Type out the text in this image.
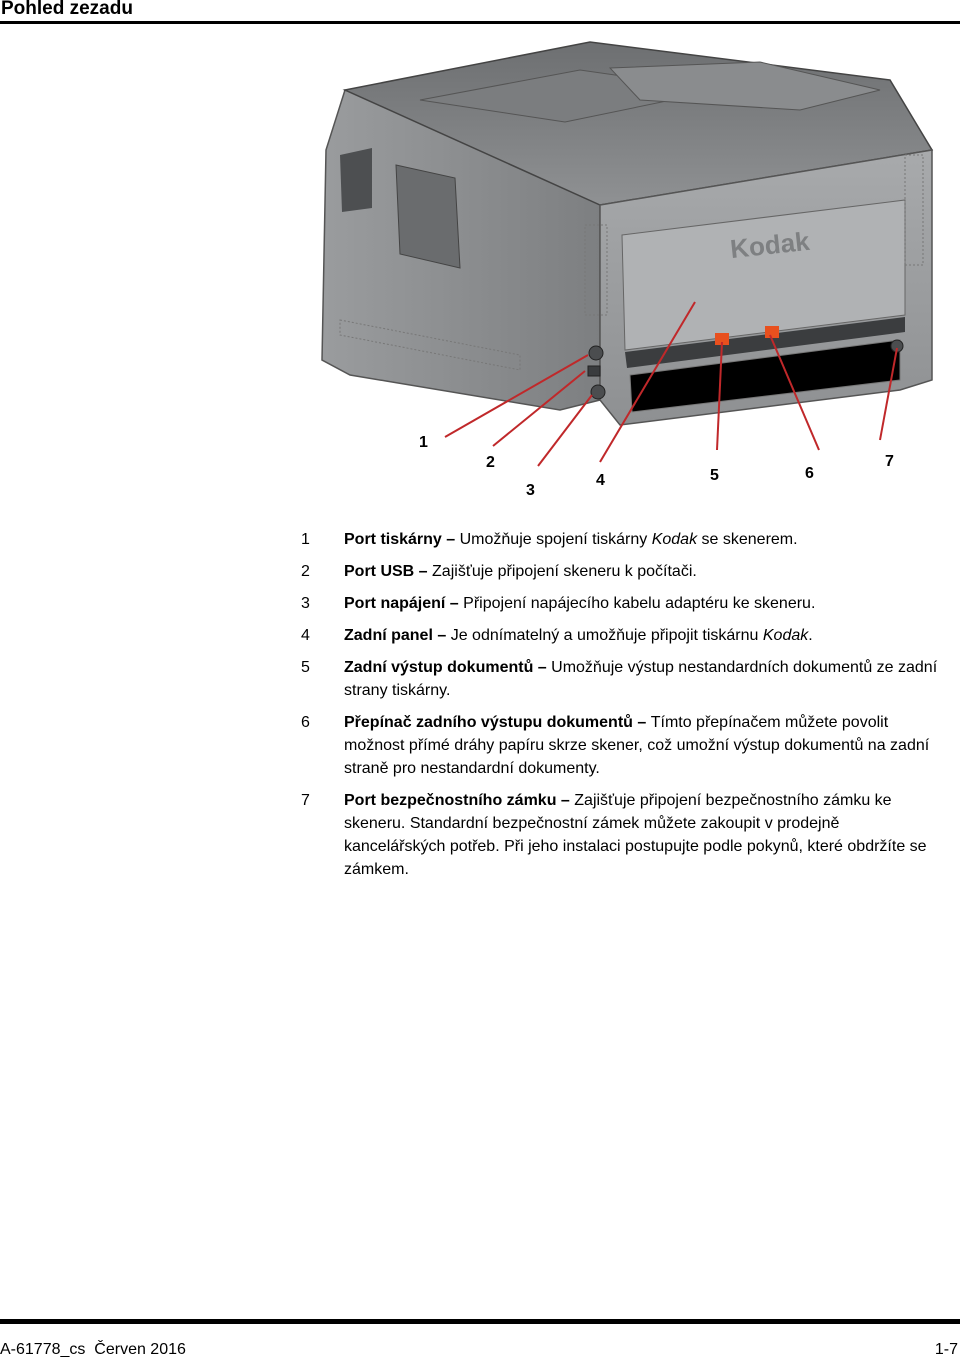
Pohled zezadu
Kodak
1
2
3
4	5	6
7
1 Port tiskárny – Umožňuje spojení tiskárny Kodak se skenerem.
2 Port USB – Zajišťuje připojení skeneru k počítači.
3 Port napájení – Připojení napájecího kabelu adaptéru ke skeneru.
4 Zadní panel – Je odnímatelný a umožňuje připojit tiskárnu Kodak.
5 Zadní výstup dokumentů – Umožňuje výstup nestandardních dokumentů ze zadní strany tiskárny.
6 Přepínač zadního výstupu dokumentů – Tímto přepínačem můžete povolit možnost přímé dráhy papíru skrze skener, což umožní výstup dokumentů na zadní straně pro nestandardní dokumenty.
7 Port bezpečnostního zámku – Zajišťuje připojení bezpečnostního zámku ke skeneru. Standardní bezpečnostní zámek můžete zakoupit v prodejně kancelářských potřeb. Při jeho instalaci postupujte podle pokynů, které obdržíte se zámkem.
A-61778_cs  Červen 2016	1-7
